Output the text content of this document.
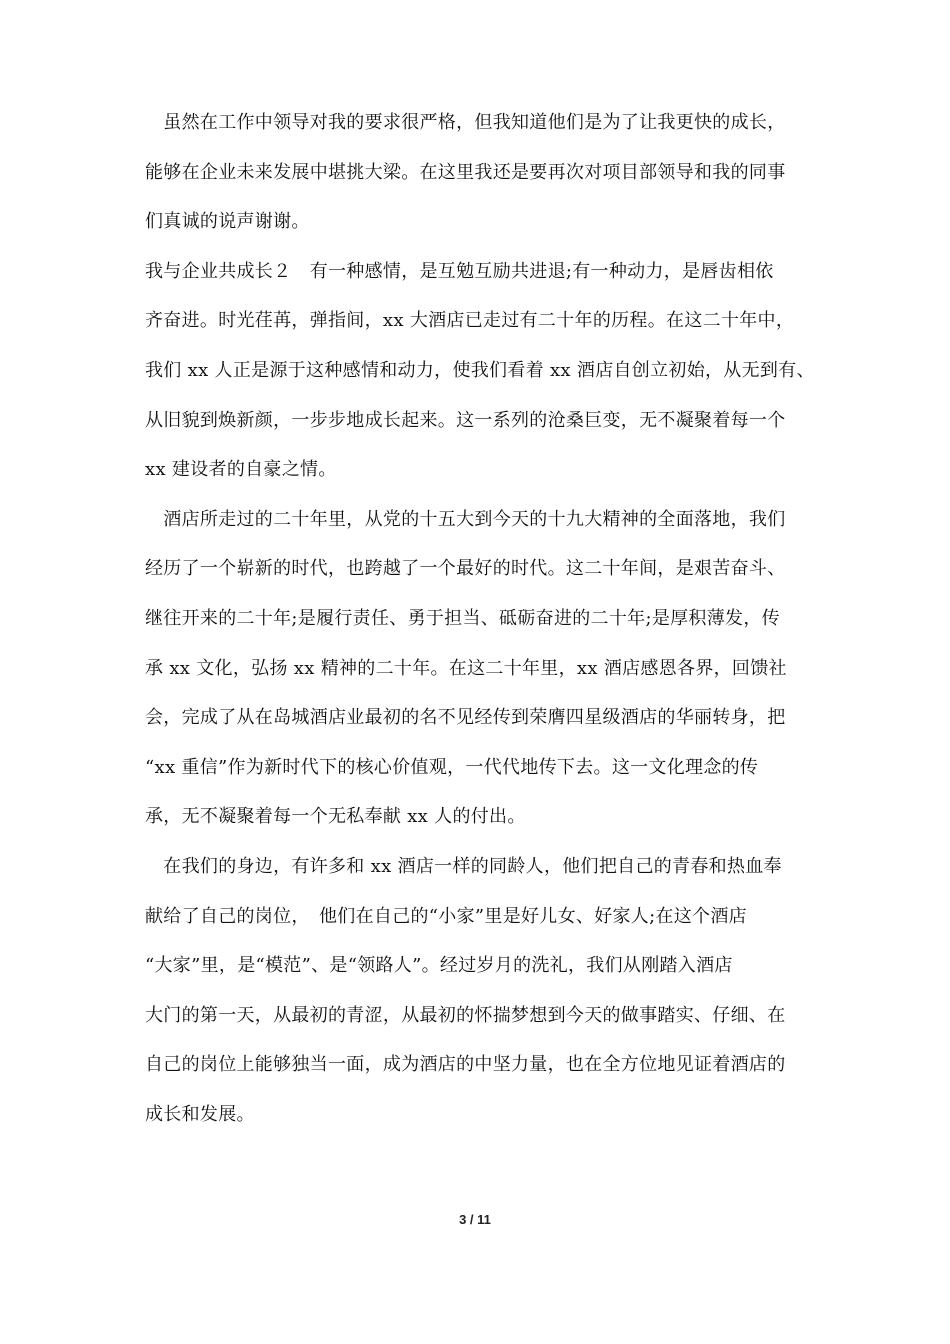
　虽然在工作中领导对我的要求很严格，但我知道他们是为了让我更快的成长，
能够在企业未来发展中堪挑大梁。在这里我还是要再次对项目部领导和我的同事
们真诚的说声谢谢。
我与企业共成长２　有一种感情，是互勉互励共进退;有一种动力，是唇齿相依
齐奋进。时光荏苒，弹指间，xx 大酒店已走过有二十年的历程。在这二十年中，
我们 xx 人正是源于这种感情和动力，使我们看着 xx 酒店自创立初始，从无到有、
从旧貌到焕新颜，一步步地成长起来。这一系列的沧桑巨变，无不凝聚着每一个
xx 建设者的自豪之情。
　酒店所走过的二十年里，从党的十五大到今天的十九大精神的全面落地，我们
经历了一个崭新的时代，也跨越了一个最好的时代。这二十年间，是艰苦奋斗、
继往开来的二十年;是履行责任、勇于担当、砥砺奋进的二十年;是厚积薄发，传
承 xx 文化，弘扬 xx 精神的二十年。在这二十年里，xx 酒店感恩各界，回馈社
会，完成了从在岛城酒店业最初的名不见经传到荣膺四星级酒店的华丽转身，把
“xx 重信”作为新时代下的核心价值观，一代代地传下去。这一文化理念的传
承，无不凝聚着每一个无私奉献 xx 人的付出。
　在我们的身边，有许多和 xx 酒店一样的同龄人，他们把自己的青春和热血奉
献给了自己的岗位，　他们在自己的“小家”里是好儿女、好家人;在这个酒店
“大家”里，是“模范”、是“领路人”。经过岁月的洗礼，我们从刚踏入酒店
大门的第一天，从最初的青涩，从最初的怀揣梦想到今天的做事踏实、仔细、在
自己的岗位上能够独当一面，成为酒店的中坚力量，也在全方位地见证着酒店的
成长和发展。
3 / 11
